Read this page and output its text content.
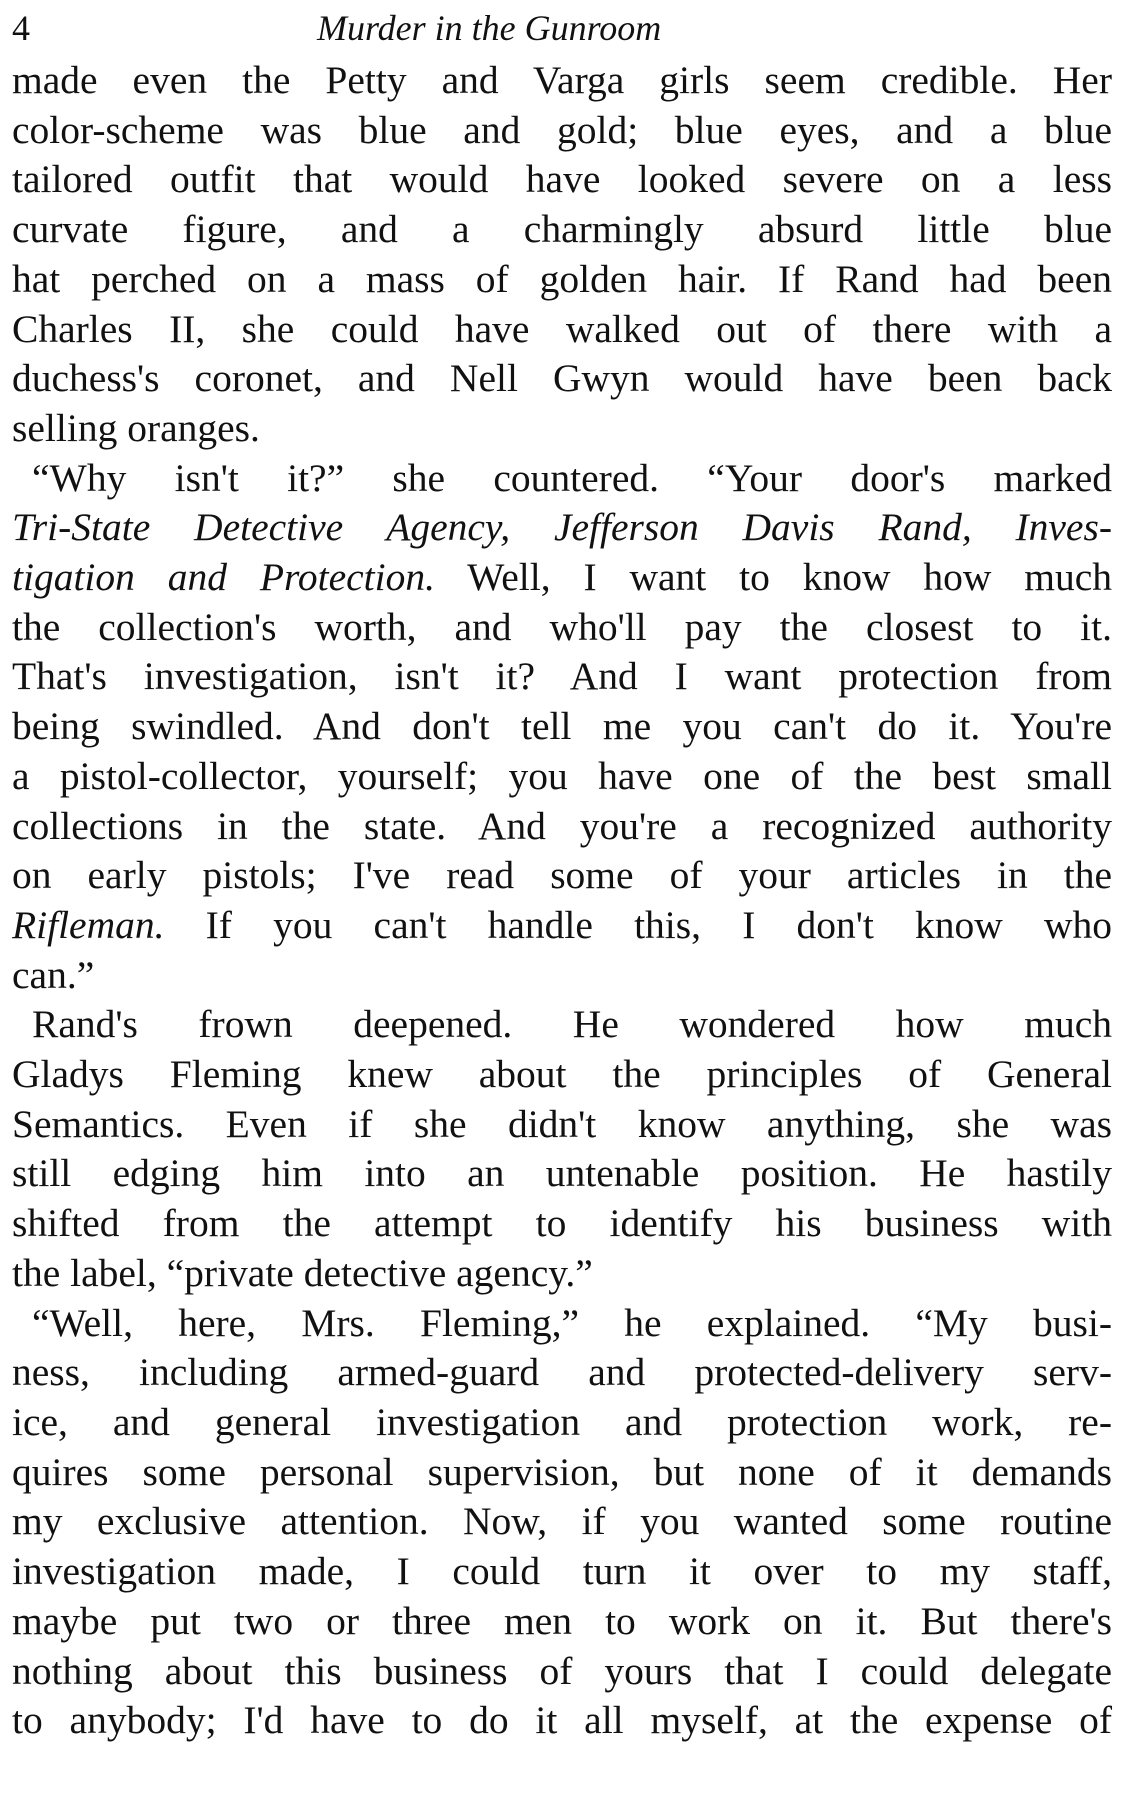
4	Murder in the Gunroom
made even the Petty and Varga girls seem credible. Her
color-scheme was blue and gold; blue eyes, and a blue
tailored outfit that would have looked severe on a less
curvate figure, and a charmingly absurd little blue
hat perched on a mass of golden hair. If Rand had been
Charles II, she could have walked out of there with a
duchess's coronet, and Nell Gwyn would have been back
selling oranges.
“Why isn't it?” she countered. “Your door's marked
Tri-State Detective Agency, Jefferson Davis Rand, Inves-
tigation and Protection. Well, I want to know how much
the collection's worth, and who'll pay the closest to it.
That's investigation, isn't it? And I want protection from
being swindled. And don't tell me you can't do it. You're
a pistol-collector, yourself; you have one of the best small
collections in the state. And you're a recognized authority
on early pistols; I've read some of your articles in the
Rifleman. If you can't handle this, I don't know who
can.”
Rand's frown deepened. He wondered how much
Gladys Fleming knew about the principles of General
Semantics. Even if she didn't know anything, she was
still edging him into an untenable position. He hastily
shifted from the attempt to identify his business with
the label, “private detective agency.”
“Well, here, Mrs. Fleming,” he explained. “My busi-
ness, including armed-guard and protected-delivery serv-
ice, and general investigation and protection work, re-
quires some personal supervision, but none of it demands
my exclusive attention. Now, if you wanted some routine
investigation made, I could turn it over to my staff,
maybe put two or three men to work on it. But there's
nothing about this business of yours that I could delegate
to anybody; I'd have to do it all myself, at the expense of
